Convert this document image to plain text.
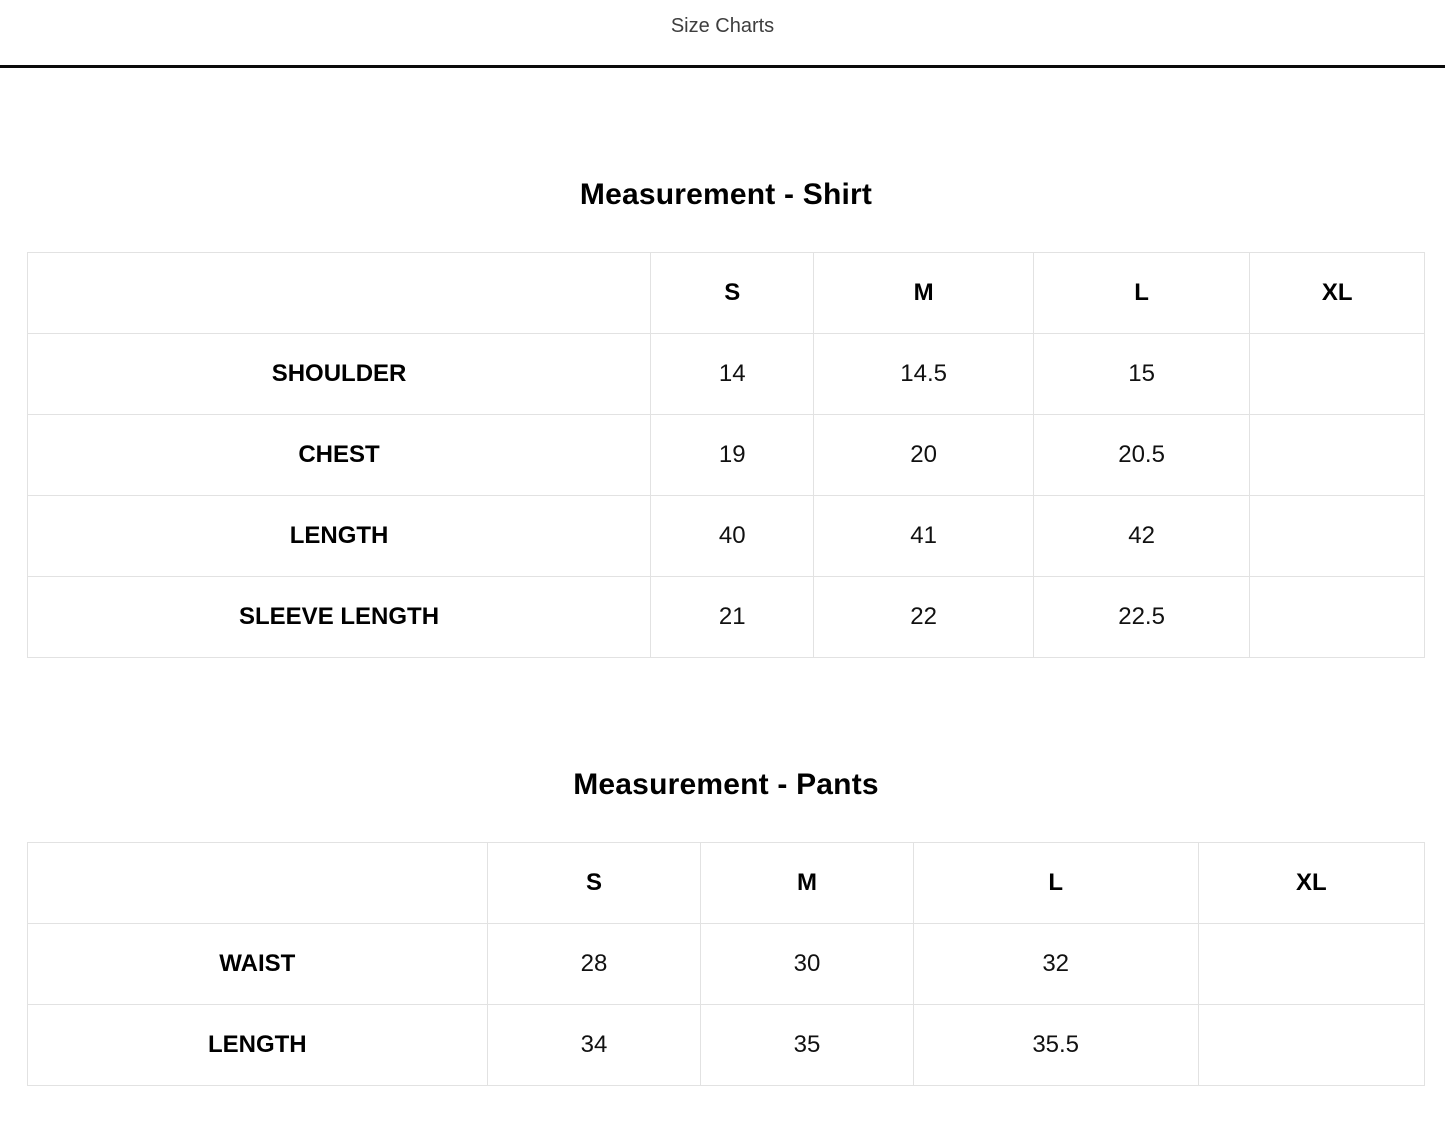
Size Charts
Measurement - Shirt
	S	M	L	XL
SHOULDER	14	14.5	15	
CHEST	19	20	20.5	
LENGTH	40	41	42	
SLEEVE LENGTH	21	22	22.5	
Measurement - Pants
	S	M	L	XL
WAIST	28	30	32	
LENGTH	34	35	35.5	
